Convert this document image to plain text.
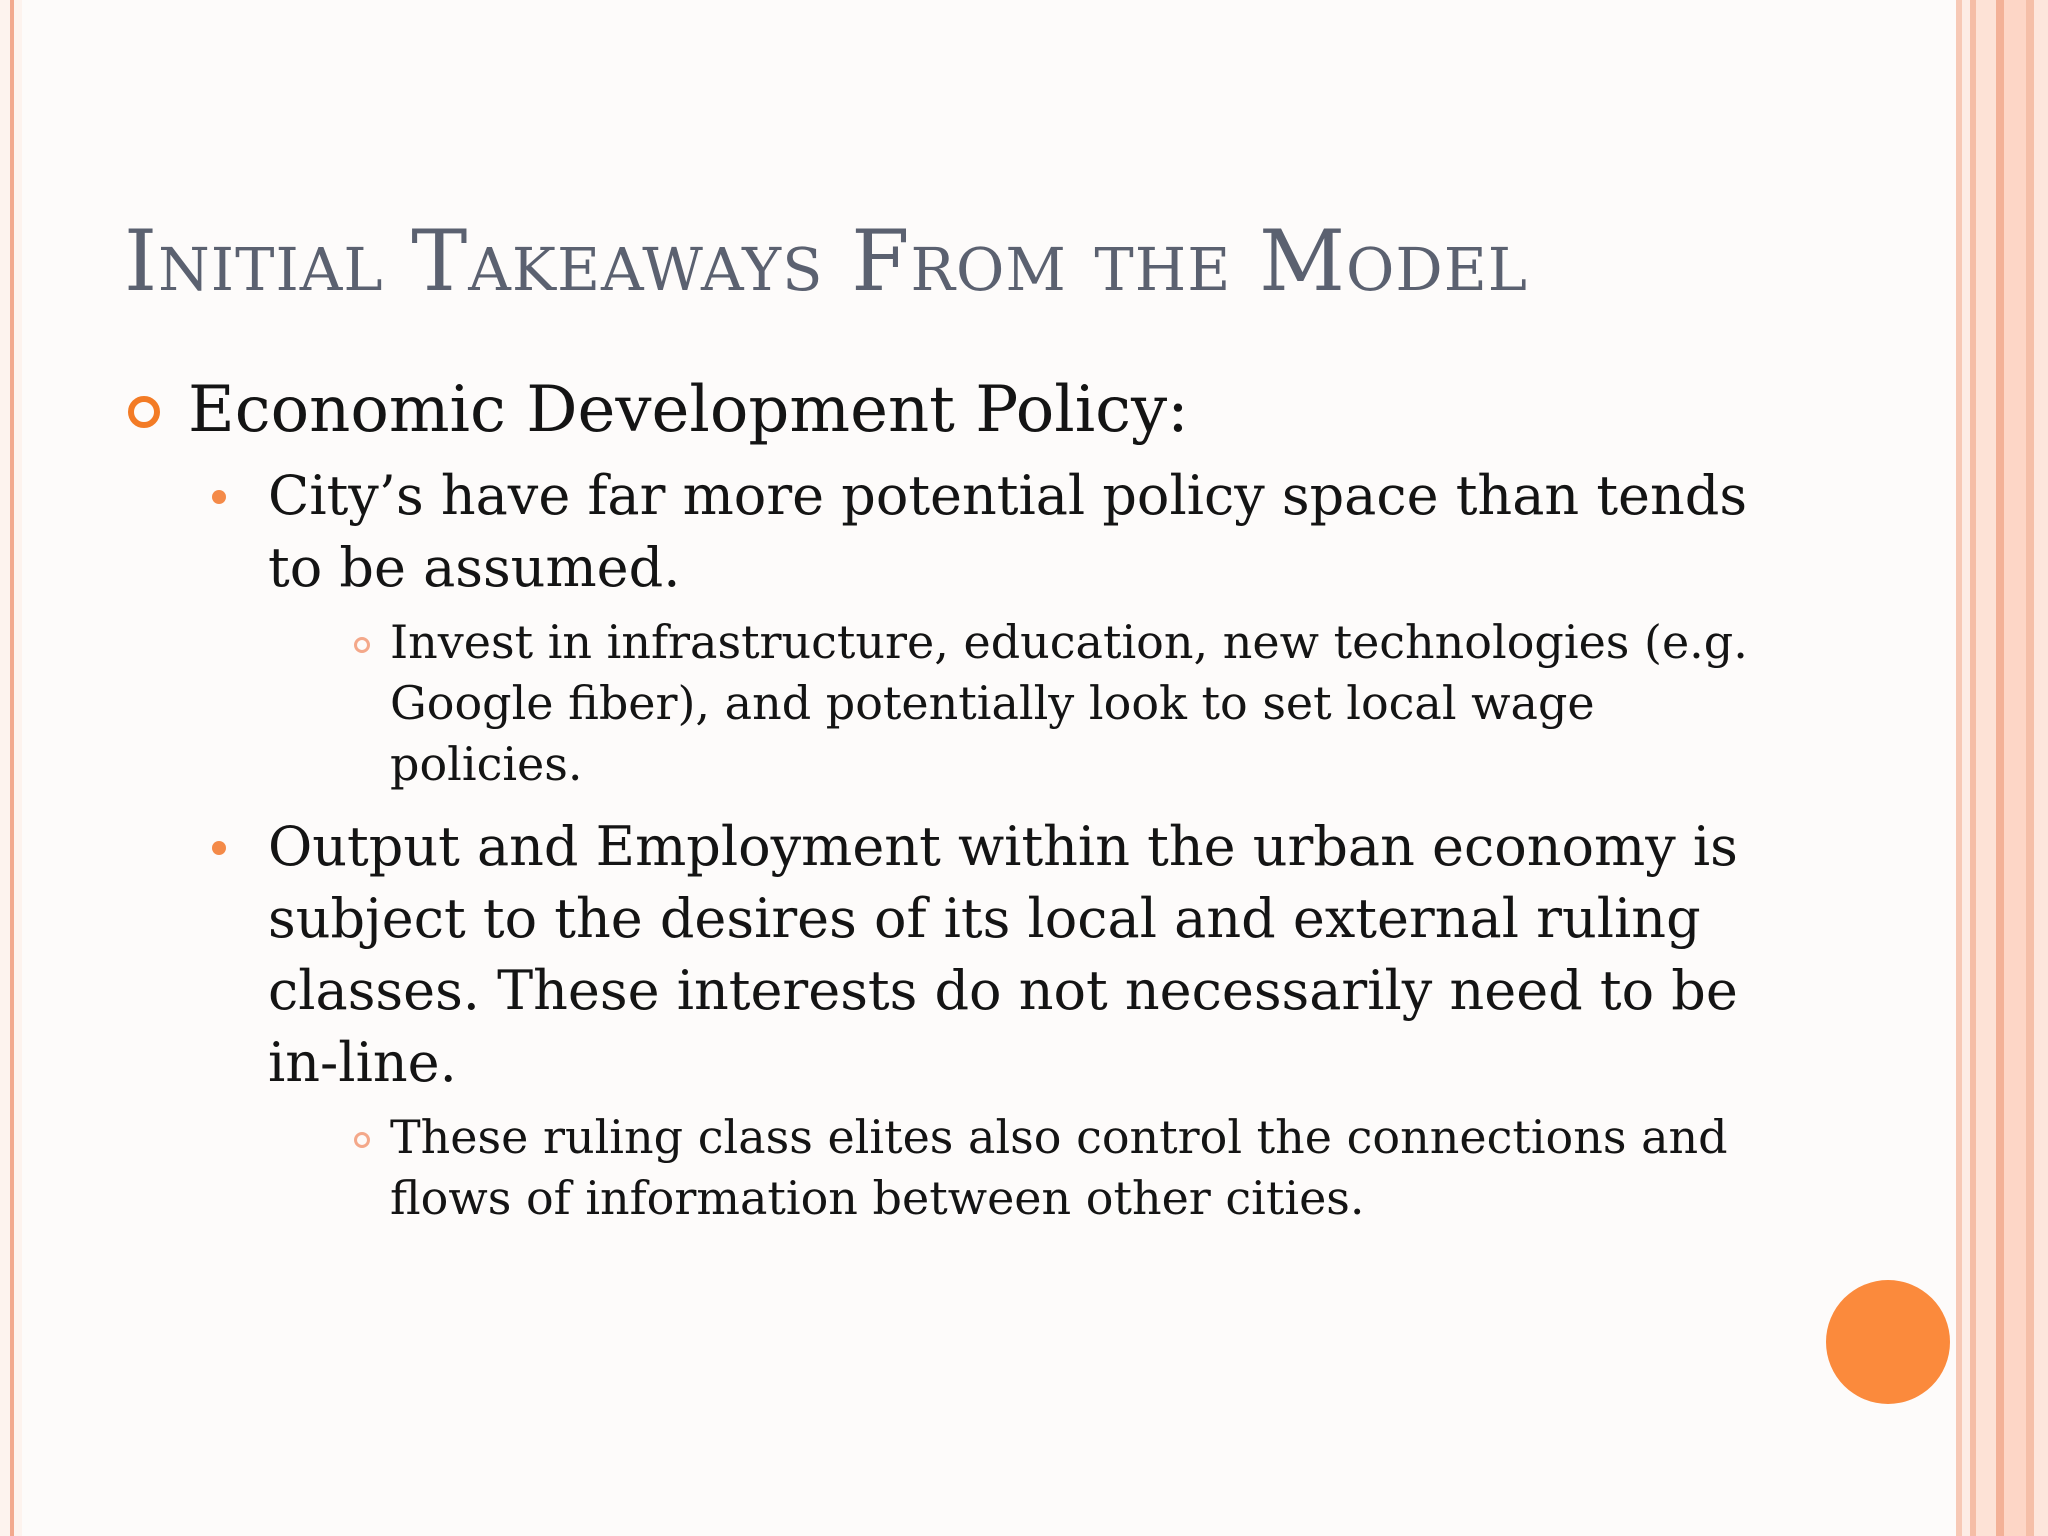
Initial Takeaways From the Model
Economic Development Policy:
City’s have far more potential policy space than tends to be assumed.
Invest in infrastructure, education, new technologies (e.g. Google fiber), and potentially look to set local wage policies.
Output and Employment within the urban economy is subject to the desires of its local and external ruling classes. These interests do not necessarily need to be in-line.
These ruling class elites also control the connections and flows of information between other cities.
